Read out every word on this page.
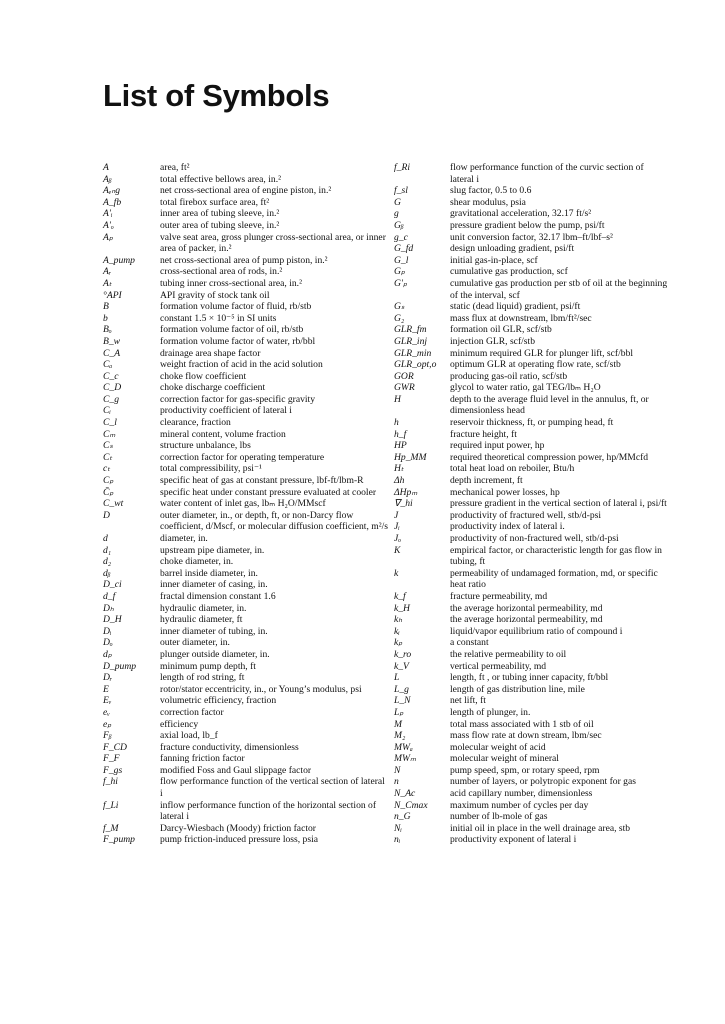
List of Symbols
A	area, ft²
Aᵦ	total effective bellows area, in.²
Aₑₙg	net cross-sectional area of engine piston, in.²
A_fb	total firebox surface area, ft²
A′ᵢ	inner area of tubing sleeve, in.²
A′ₒ	outer area of tubing sleeve, in.²
Aₚ	valve seat area, gross plunger cross-sectional area, or inner area of packer, in.²
A_pump	net cross-sectional area of pump piston, in.²
Aᵣ	cross-sectional area of rods, in.²
Aₜ	tubing inner cross-sectional area, in.²
°API	API gravity of stock tank oil
B	formation volume factor of fluid, rb/stb
b	constant 1.5 × 10⁻⁵ in SI units
Bₒ	formation volume factor of oil, rb/stb
B_w	formation volume factor of water, rb/bbl
C_A	drainage area shape factor
Cₐ	weight fraction of acid in the acid solution
C_c	choke flow coefficient
C_D	choke discharge coefficient
C_g	correction factor for gas-specific gravity
Cᵢ	productivity coefficient of lateral i
C_l	clearance, fraction
Cₘ	mineral content, volume fraction
Cₛ	structure unbalance, lbs
Cₜ	correction factor for operating temperature
cₜ	total compressibility, psi⁻¹
Cₚ	specific heat of gas at constant pressure, lbf-ft/lbm-R
C̄ₚ	specific heat under constant pressure evaluated at cooler
C_wt	water content of inlet gas, lbₘ H₂O/MMscf
D	outer diameter, in., or depth, ft, or non-Darcy flow coefficient, d/Mscf, or molecular diffusion coefficient, m²/s
d	diameter, in.
d₁	upstream pipe diameter, in.
d₂	choke diameter, in.
dᵦ	barrel inside diameter, in.
D_ci	inner diameter of casing, in.
d_f	fractal dimension constant 1.6
Dₕ	hydraulic diameter, in.
D_H	hydraulic diameter, ft
Dᵢ	inner diameter of tubing, in.
Dₒ	outer diameter, in.
dₚ	plunger outside diameter, in.
D_pump	minimum pump depth, ft
Dᵣ	length of rod string, ft
E	rotor/stator eccentricity, in., or Young’s modulus, psi
Eᵥ	volumetric efficiency, fraction
eᵥ	correction factor
eₚ	efficiency
Fᵦ	axial load, lb_f
F_CD	fracture conductivity, dimensionless
F_F	fanning friction factor
F_gs	modified Foss and Gaul slippage factor
f_hi	flow performance function of the vertical section of lateral i
f_Li	inflow performance function of the horizontal section of lateral i
f_M	Darcy-Wiesbach (Moody) friction factor
F_pump	pump friction-induced pressure loss, psia
f_Ri	flow performance function of the curvic section of lateral i
f_sl	slug factor, 0.5 to 0.6
G	shear modulus, psia
g	gravitational acceleration, 32.17 ft/s²
Gᵦ	pressure gradient below the pump, psi/ft
g_c	unit conversion factor, 32.17 lbm–ft/lbf–s²
G_fd	design unloading gradient, psi/ft
G_l	initial gas-in-place, scf
Gₚ	cumulative gas production, scf
G′ₚ	cumulative gas production per stb of oil at the beginning of the interval, scf
Gₛ	static (dead liquid) gradient, psi/ft
G₂	mass flux at downstream, lbm/ft²/sec
GLR_fm	formation oil GLR, scf/stb
GLR_inj	injection GLR, scf/stb
GLR_min	minimum required GLR for plunger lift, scf/bbl
GLR_opt,o	optimum GLR at operating flow rate, scf/stb
GOR	producing gas-oil ratio, scf/stb
GWR	glycol to water ratio, gal TEG/lbₘ H₂O
H	depth to the average fluid level in the annulus, ft, or dimensionless head
h	reservoir thickness, ft, or pumping head, ft
h_f	fracture height, ft
HP	required input power, hp
Hp_MM	required theoretical compression power, hp/MMcfd
Hₜ	total heat load on reboiler, Btu/h
Δh	depth increment, ft
ΔHpₘ	mechanical power losses, hp
∇_hi	pressure gradient in the vertical section of lateral i, psi/ft
J	productivity of fractured well, stb/d-psi
Jᵢ	productivity index of lateral i.
Jₒ	productivity of non-fractured well, stb/d-psi
K	empirical factor, or characteristic length for gas flow in tubing, ft
k	permeability of undamaged formation, md, or specific heat ratio
k_f	fracture permeability, md
k_H	the average horizontal permeability, md
kₕ	the average horizontal permeability, md
kᵢ	liquid/vapor equilibrium ratio of compound i
kₚ	a constant
k_ro	the relative permeability to oil
k_V	vertical permeability, md
L	length, ft , or tubing inner capacity, ft/bbl
L_g	length of gas distribution line, mile
L_N	net lift, ft
Lₚ	length of plunger, in.
M	total mass associated with 1 stb of oil
M₂	mass flow rate at down stream, lbm/sec
MWₐ	molecular weight of acid
MWₘ	molecular weight of mineral
N	pump speed, spm, or rotary speed, rpm
n	number of layers, or polytropic exponent for gas
N_Ac	acid capillary number, dimensionless
N_Cmax	maximum number of cycles per day
n_G	number of lb-mole of gas
Nᵢ	initial oil in place in the well drainage area, stb
nᵢ	productivity exponent of lateral i
